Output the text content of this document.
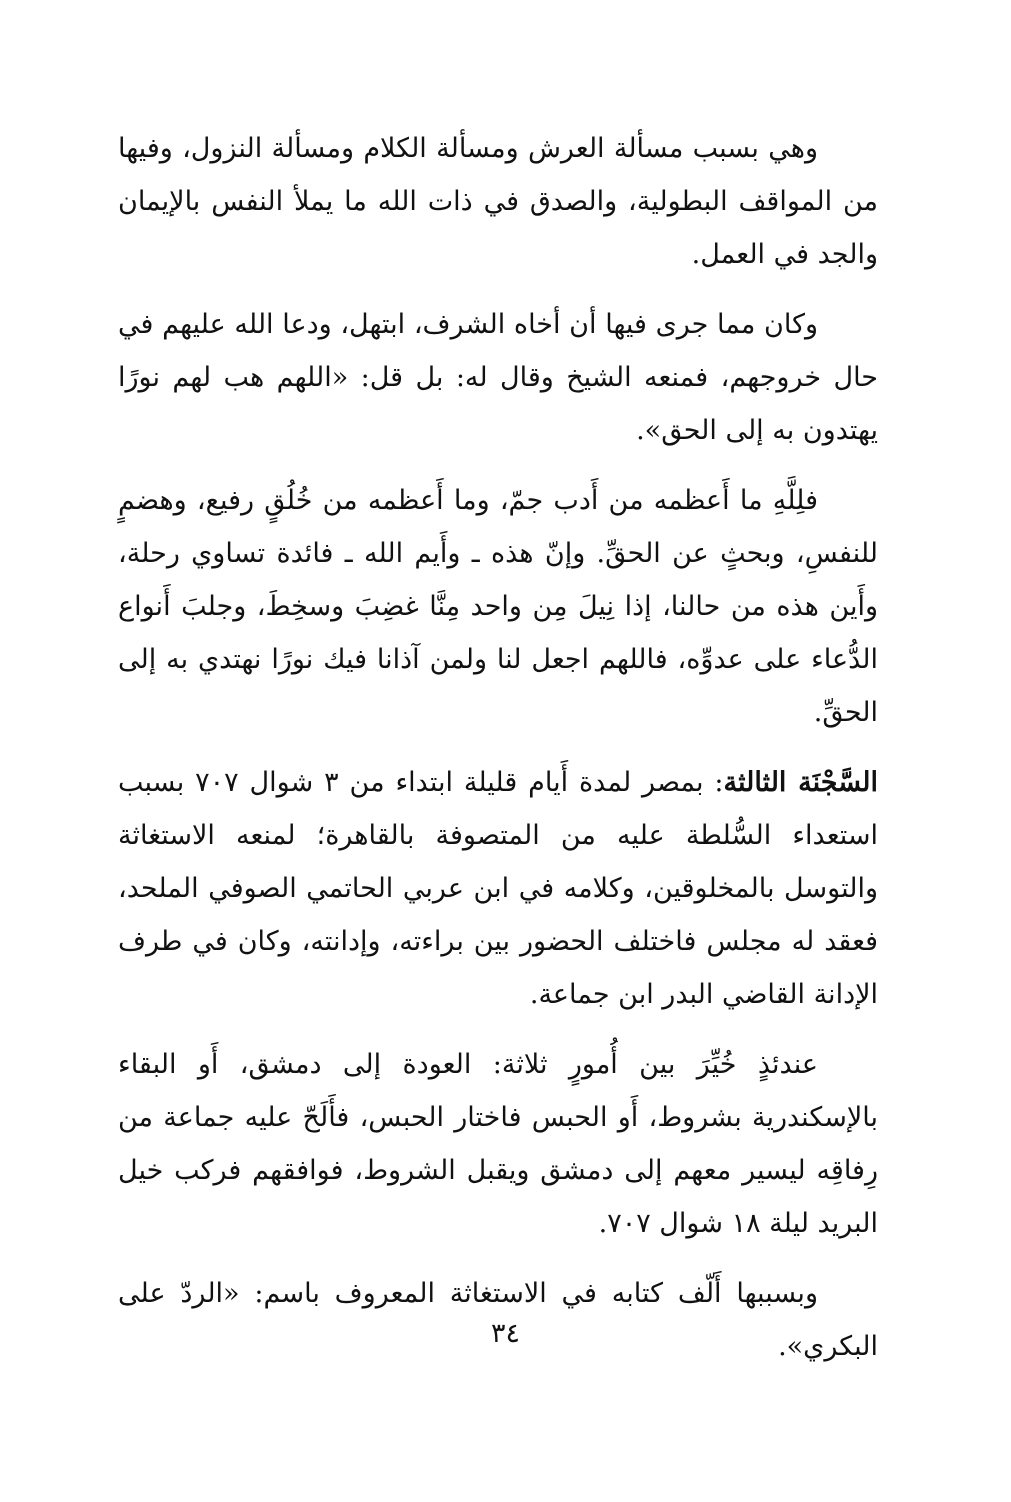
وهي بسبب مسألة العرش ومسألة الكلام ومسألة النزول، وفيها من المواقف البطولية، والصدق في ذات الله ما يملأ النفس بالإيمان والجد في العمل.

وكان مما جرى فيها أن أخاه الشرف، ابتهل، ودعا الله عليهم في حال خروجهم، فمنعه الشيخ وقال له: بل قل: «اللهم هب لهم نورًا يهتدون به إلى الحق».

فلِلَّهِ ما أَعظمه من أَدب جمّ، وما أَعظمه من خُلُقٍ رفيع، وهضمٍ للنفسِ، وبحثٍ عن الحقِّ. وإنّ هذه ـ وأَيم الله ـ فائدة تساوي رحلة، وأَين هذه من حالنا، إذا نِيلَ مِن واحد مِنَّا غضِبَ وسخِطَ، وجلبَ أَنواع الدُّعاء على عدوِّه، فاللهم اجعل لنا ولمن آذانا فيك نورًا نهتدي به إلى الحقِّ.

السَّجْنَة الثالثة: بمصر لمدة أَيام قليلة ابتداء من ٣ شوال ٧٠٧ بسبب استعداء السُّلطة عليه من المتصوفة بالقاهرة؛ لمنعه الاستغاثة والتوسل بالمخلوقين، وكلامه في ابن عربي الحاتمي الصوفي الملحد، فعقد له مجلس فاختلف الحضور بين براءته، وإدانته، وكان في طرف الإدانة القاضي البدر ابن جماعة.

عندئذٍ خُيِّرَ بين أُمورٍ ثلاثة: العودة إلى دمشق، أَو البقاء بالإسكندرية بشروط، أَو الحبس فاختار الحبس، فأَلَحّ عليه جماعة من رِفاقِه ليسير معهم إلى دمشق ويقبل الشروط، فوافقهم فركب خيل البريد ليلة ١٨ شوال ٧٠٧.

وبسببها أَلّف كتابه في الاستغاثة المعروف باسم: «الردّ على البكري».

٣٤
